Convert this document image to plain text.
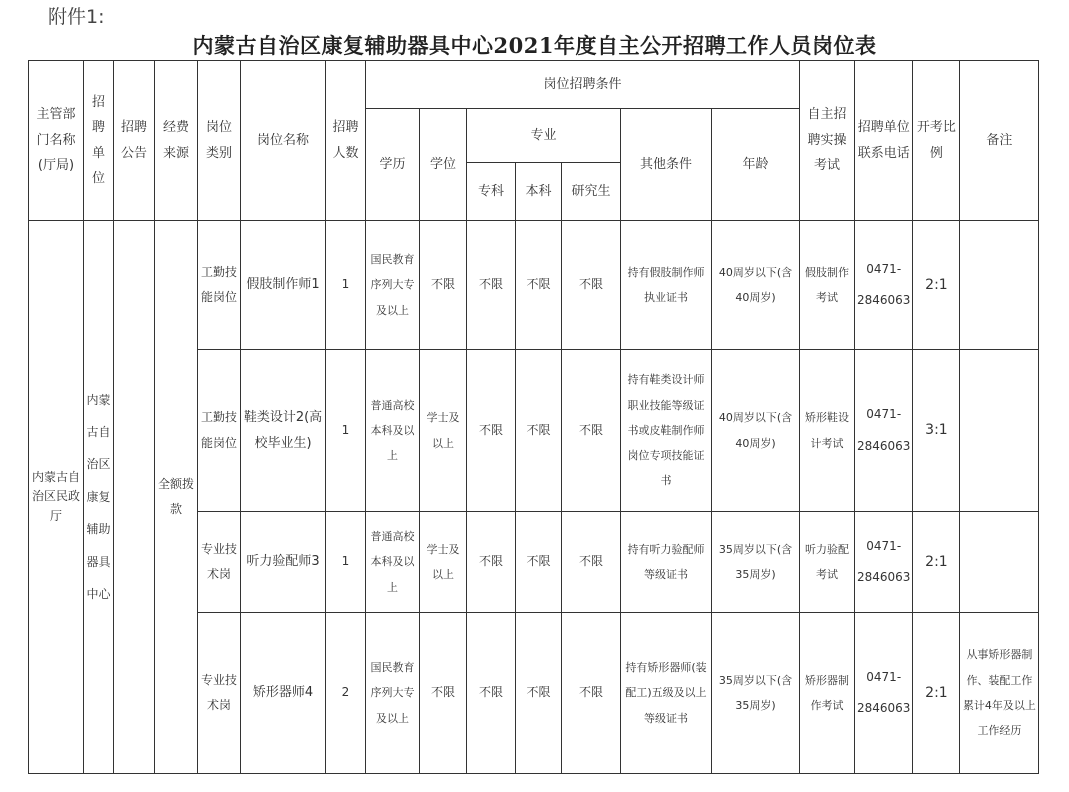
附件1:
内蒙古自治区康复辅助器具中心2021年度自主公开招聘工作人员岗位表
主管部门名称(厅局)	招聘单位	招聘公告	经费来源	岗位类别	岗位名称	招聘人数	岗位招聘条件							自主招聘实操考试	招聘单位联系电话	开考比例	备注
							学历	学位	专业			其他条件	年龄				
									专科	本科	研究生						
内蒙古自治区民政厅	内蒙古自治区康复辅助器具中心		全额拨款	工勤技能岗位	假肢制作师1	1	国民教育序列大专及以上	不限	不限	不限	不限	持有假肢制作师执业证书	40周岁以下(含40周岁)	假肢制作考试	0471-2846063	2:1	
				工勤技能岗位	鞋类设计2(高校毕业生)	1	普通高校本科及以上	学士及以上	不限	不限	不限	持有鞋类设计师职业技能等级证书或皮鞋制作师岗位专项技能证书	40周岁以下(含40周岁)	矫形鞋设计考试	0471-2846063	3:1	
				专业技术岗	听力验配师3	1	普通高校本科及以上	学士及以上	不限	不限	不限	持有听力验配师等级证书	35周岁以下(含35周岁)	听力验配考试	0471-2846063	2:1	
				专业技术岗	矫形器师4	2	国民教育序列大专及以上	不限	不限	不限	不限	持有矫形器师(装配工)五级及以上等级证书	35周岁以下(含35周岁)	矫形器制作考试	0471-2846063	2:1	从事矫形器制作、装配工作累计4年及以上工作经历
